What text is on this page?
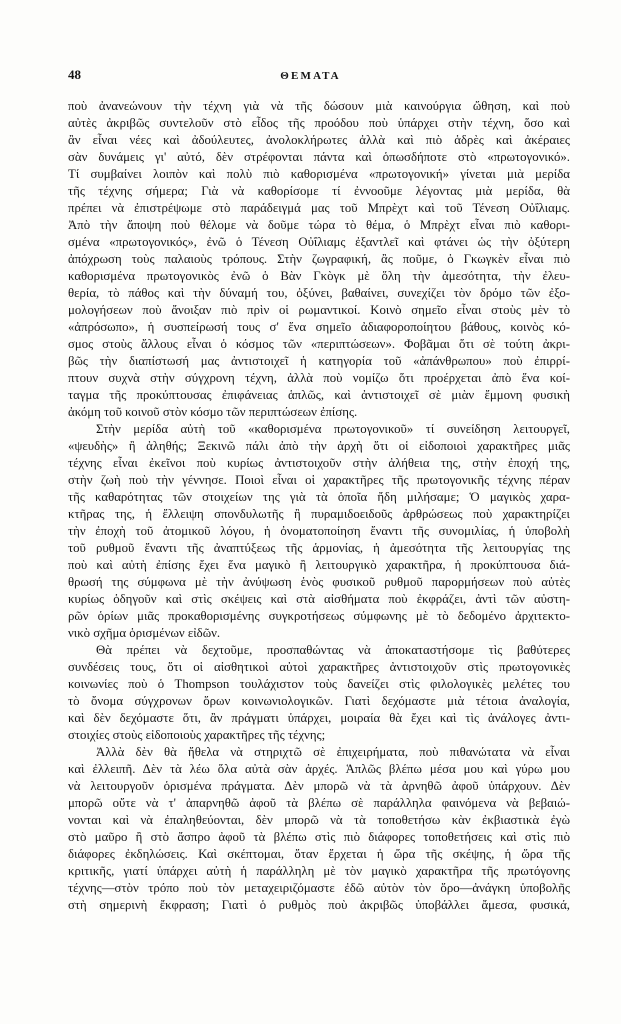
48	ΘΕΜΑΤΑ
ποὺ ἀνανεώνουν τὴν τέχνη γιὰ νὰ τῆς δώσουν μιὰ καινούργια ὤθηση, καὶ ποὺ
αὐτὲς ἀκριβῶς συντελοῦν στὸ εἶδος τῆς προόδου ποὺ ὑπάρχει στὴν τέχνη, ὅσο καὶ
ἂν εἶναι νέες καὶ ἀδούλευτες, ἀνολοκλήρωτες ἀλλὰ καὶ πιὸ ἁδρὲς καὶ ἀκέραιες
σὰν δυνάμεις γι' αὐτό, δὲν στρέφονται πάντα καὶ ὁπωσδήποτε στὸ «πρωτογονικό».
Τί συμβαίνει λοιπὸν καὶ πολὺ πιὸ καθορισμένα «πρωτογονική» γίνεται μιὰ μερίδα
τῆς τέχνης σήμερα; Γιὰ νὰ καθορίσομε τί ἐννοοῦμε λέγοντας μιὰ μερίδα, θὰ
πρέπει νὰ ἐπιστρέψωμε στὸ παράδειγμά μας τοῦ Μπρὲχτ καὶ τοῦ Τένεση Οὐΐλιαμς.
Ἀπὸ τὴν ἄποψη ποὺ θέλομε νὰ δοῦμε τώρα τὸ θέμα, ὁ Μπρὲχτ εἶναι πιὸ καθορι-
σμένα «πρωτογονικός», ἐνῶ ὁ Τένεση Οὐΐλιαμς ἐξαντλεῖ καὶ φτάνει ὡς τὴν ὀξύτερη
ἀπόχρωση τοὺς παλαιοὺς τρόπους. Στὴν ζωγραφική, ἂς ποῦμε, ὁ Γκωγκὲν εἶναι πιὸ
καθορισμένα πρωτογονικὸς ἐνῶ ὁ Βὰν Γκὸγκ μὲ ὅλη τὴν ἀμεσότητα, τὴν ἐλευ-
θερία, τὸ πάθος καὶ τὴν δύναμή του, ὀξύνει, βαθαίνει, συνεχίζει τὸν δρόμο τῶν ἐξο-
μολογήσεων ποὺ ἄνοιξαν πιὸ πρὶν οἱ ρωμαντικοί. Κοινὸ σημεῖο εἶναι στοὺς μὲν τὸ
«ἀπρόσωπο», ἡ συσπείρωσή τους σ' ἕνα σημεῖο ἀδιαφοροποίητου βάθους, κοινὸς κό-
σμος στοὺς ἄλλους εἶναι ὁ κόσμος τῶν «περιπτώσεων». Φοβᾶμαι ὅτι σὲ τούτη ἀκρι-
βῶς τὴν διαπίστωσή μας ἀντιστοιχεῖ ἡ κατηγορία τοῦ «ἀπάνθρωπου» ποὺ ἐπιρρί-
πτουν συχνὰ στὴν σύγχρονη τέχνη, ἀλλὰ ποὺ νομίζω ὅτι προέρχεται ἀπὸ ἕνα κοί-
ταγμα τῆς προκύπτουσας ἐπιφάνειας ἁπλῶς, καὶ ἀντιστοιχεῖ σὲ μιὰν ἔμμονη φυσικὴ
ἀκόμη τοῦ κοινοῦ στὸν κόσμο τῶν περιπτώσεων ἐπίσης.
Στὴν μερίδα αὐτὴ τοῦ «καθορισμένα πρωτογονικοῦ» τί συνείδηση λειτουργεῖ,
«ψευδὴς» ἢ ἀληθής; Ξεκινῶ πάλι ἀπὸ τὴν ἀρχὴ ὅτι οἱ εἰδοποιοὶ χαρακτῆρες μιᾶς
τέχνης εἶναι ἐκεῖνοι ποὺ κυρίως ἀντιστοιχοῦν στὴν ἀλήθεια της, στὴν ἐποχή της,
στὴν ζωὴ ποὺ τὴν γέννησε. Ποιοὶ εἶναι οἱ χαρακτῆρες τῆς πρωτογονικῆς τέχνης πέραν
τῆς καθαρότητας τῶν στοιχείων της γιὰ τὰ ὁποῖα ἤδη μιλήσαμε; Ὁ μαγικὸς χαρα-
κτῆρας της, ἡ ἔλλειψη σπονδυλωτῆς ἢ πυραμιδοειδοῦς ἀρθρώσεως ποὺ χαρακτηρίζει
τὴν ἐποχὴ τοῦ ἀτομικοῦ λόγου, ἡ ὀνοματοποίηση ἔναντι τῆς συνομιλίας, ἡ ὑποβολὴ
τοῦ ρυθμοῦ ἔναντι τῆς ἀναπτύξεως τῆς ἁρμονίας, ἡ ἀμεσότητα τῆς λειτουργίας της
ποὺ καὶ αὐτὴ ἐπίσης ἔχει ἕνα μαγικὸ ἢ λειτουργικὸ χαρακτῆρα, ἡ προκύπτουσα διά-
θρωσή της σύμφωνα μὲ τὴν ἀνύψωση ἑνὸς φυσικοῦ ρυθμοῦ παρορμήσεων ποὺ αὐτὲς
κυρίως ὁδηγοῦν καὶ στὶς σκέψεις καὶ στὰ αἰσθήματα ποὺ ἐκφράζει, ἀντὶ τῶν αὐστη-
ρῶν ὁρίων μιᾶς προκαθορισμένης συγκροτήσεως σύμφωνης μὲ τὸ δεδομένο ἀρχιτεκτο-
νικὸ σχῆμα ὁρισμένων εἰδῶν.
Θὰ πρέπει νὰ δεχτοῦμε, προσπαθώντας νὰ ἀποκαταστήσομε τὶς βαθύτερες
συνδέσεις τους, ὅτι οἱ αἰσθητικοὶ αὐτοὶ χαρακτῆρες ἀντιστοιχοῦν στὶς πρωτογονικὲς
κοινωνίες ποὺ ὁ Thompson τουλάχιστον τοὺς δανείζει στὶς φιλολογικὲς μελέτες του
τὸ ὄνομα σύγχρονων ὅρων κοινωνιολογικῶν. Γιατὶ δεχόμαστε μιὰ τέτοια ἀναλογία,
καὶ δὲν δεχόμαστε ὅτι, ἂν πράγματι ὑπάρχει, μοιραία θὰ ἔχει καὶ τὶς ἀνάλογες ἀντι-
στοιχίες στοὺς εἰδοποιοὺς χαρακτῆρες τῆς τέχνης;
Ἀλλὰ δὲν θὰ ἤθελα νὰ στηριχτῶ σὲ ἐπιχειρήματα, ποὺ πιθανώτατα νὰ εἶναι
καὶ ἐλλειπῆ. Δὲν τὰ λέω ὅλα αὐτὰ σὰν ἀρχές. Ἁπλῶς βλέπω μέσα μου καὶ γύρω μου
νὰ λειτουργοῦν ὁρισμένα πράγματα. Δὲν μπορῶ νὰ τὰ ἀρνηθῶ ἀφοῦ ὑπάρχουν. Δὲν
μπορῶ οὔτε νὰ τ' ἀπαρνηθῶ ἀφοῦ τὰ βλέπω σὲ παράλληλα φαινόμενα νὰ βεβαιώ-
νονται καὶ νὰ ἐπαληθεύονται, δὲν μπορῶ νὰ τὰ τοποθετήσω κὰν ἐκβιαστικὰ ἐγὼ
στὸ μαῦρο ἢ στὸ ἄσπρο ἀφοῦ τὰ βλέπω στὶς πιὸ διάφορες τοποθετήσεις καὶ στὶς πιὸ
διάφορες ἐκδηλώσεις. Καὶ σκέπτομαι, ὅταν ἔρχεται ἡ ὥρα τῆς σκέψης, ἡ ὥρα τῆς
κριτικῆς, γιατί ὑπάρχει αὐτὴ ἡ παράλληλη μὲ τὸν μαγικὸ χαρακτῆρα τῆς πρωτόγονης
τέχνης—στὸν τρόπο ποὺ τὸν μεταχειριζόμαστε ἐδῶ αὐτὸν τὸν ὅρο—ἀνάγκη ὑποβολῆς
στὴ σημερινὴ ἔκφραση; Γιατὶ ὁ ρυθμὸς ποὺ ἀκριβῶς ὑποβάλλει ἄμεσα, φυσικά,
